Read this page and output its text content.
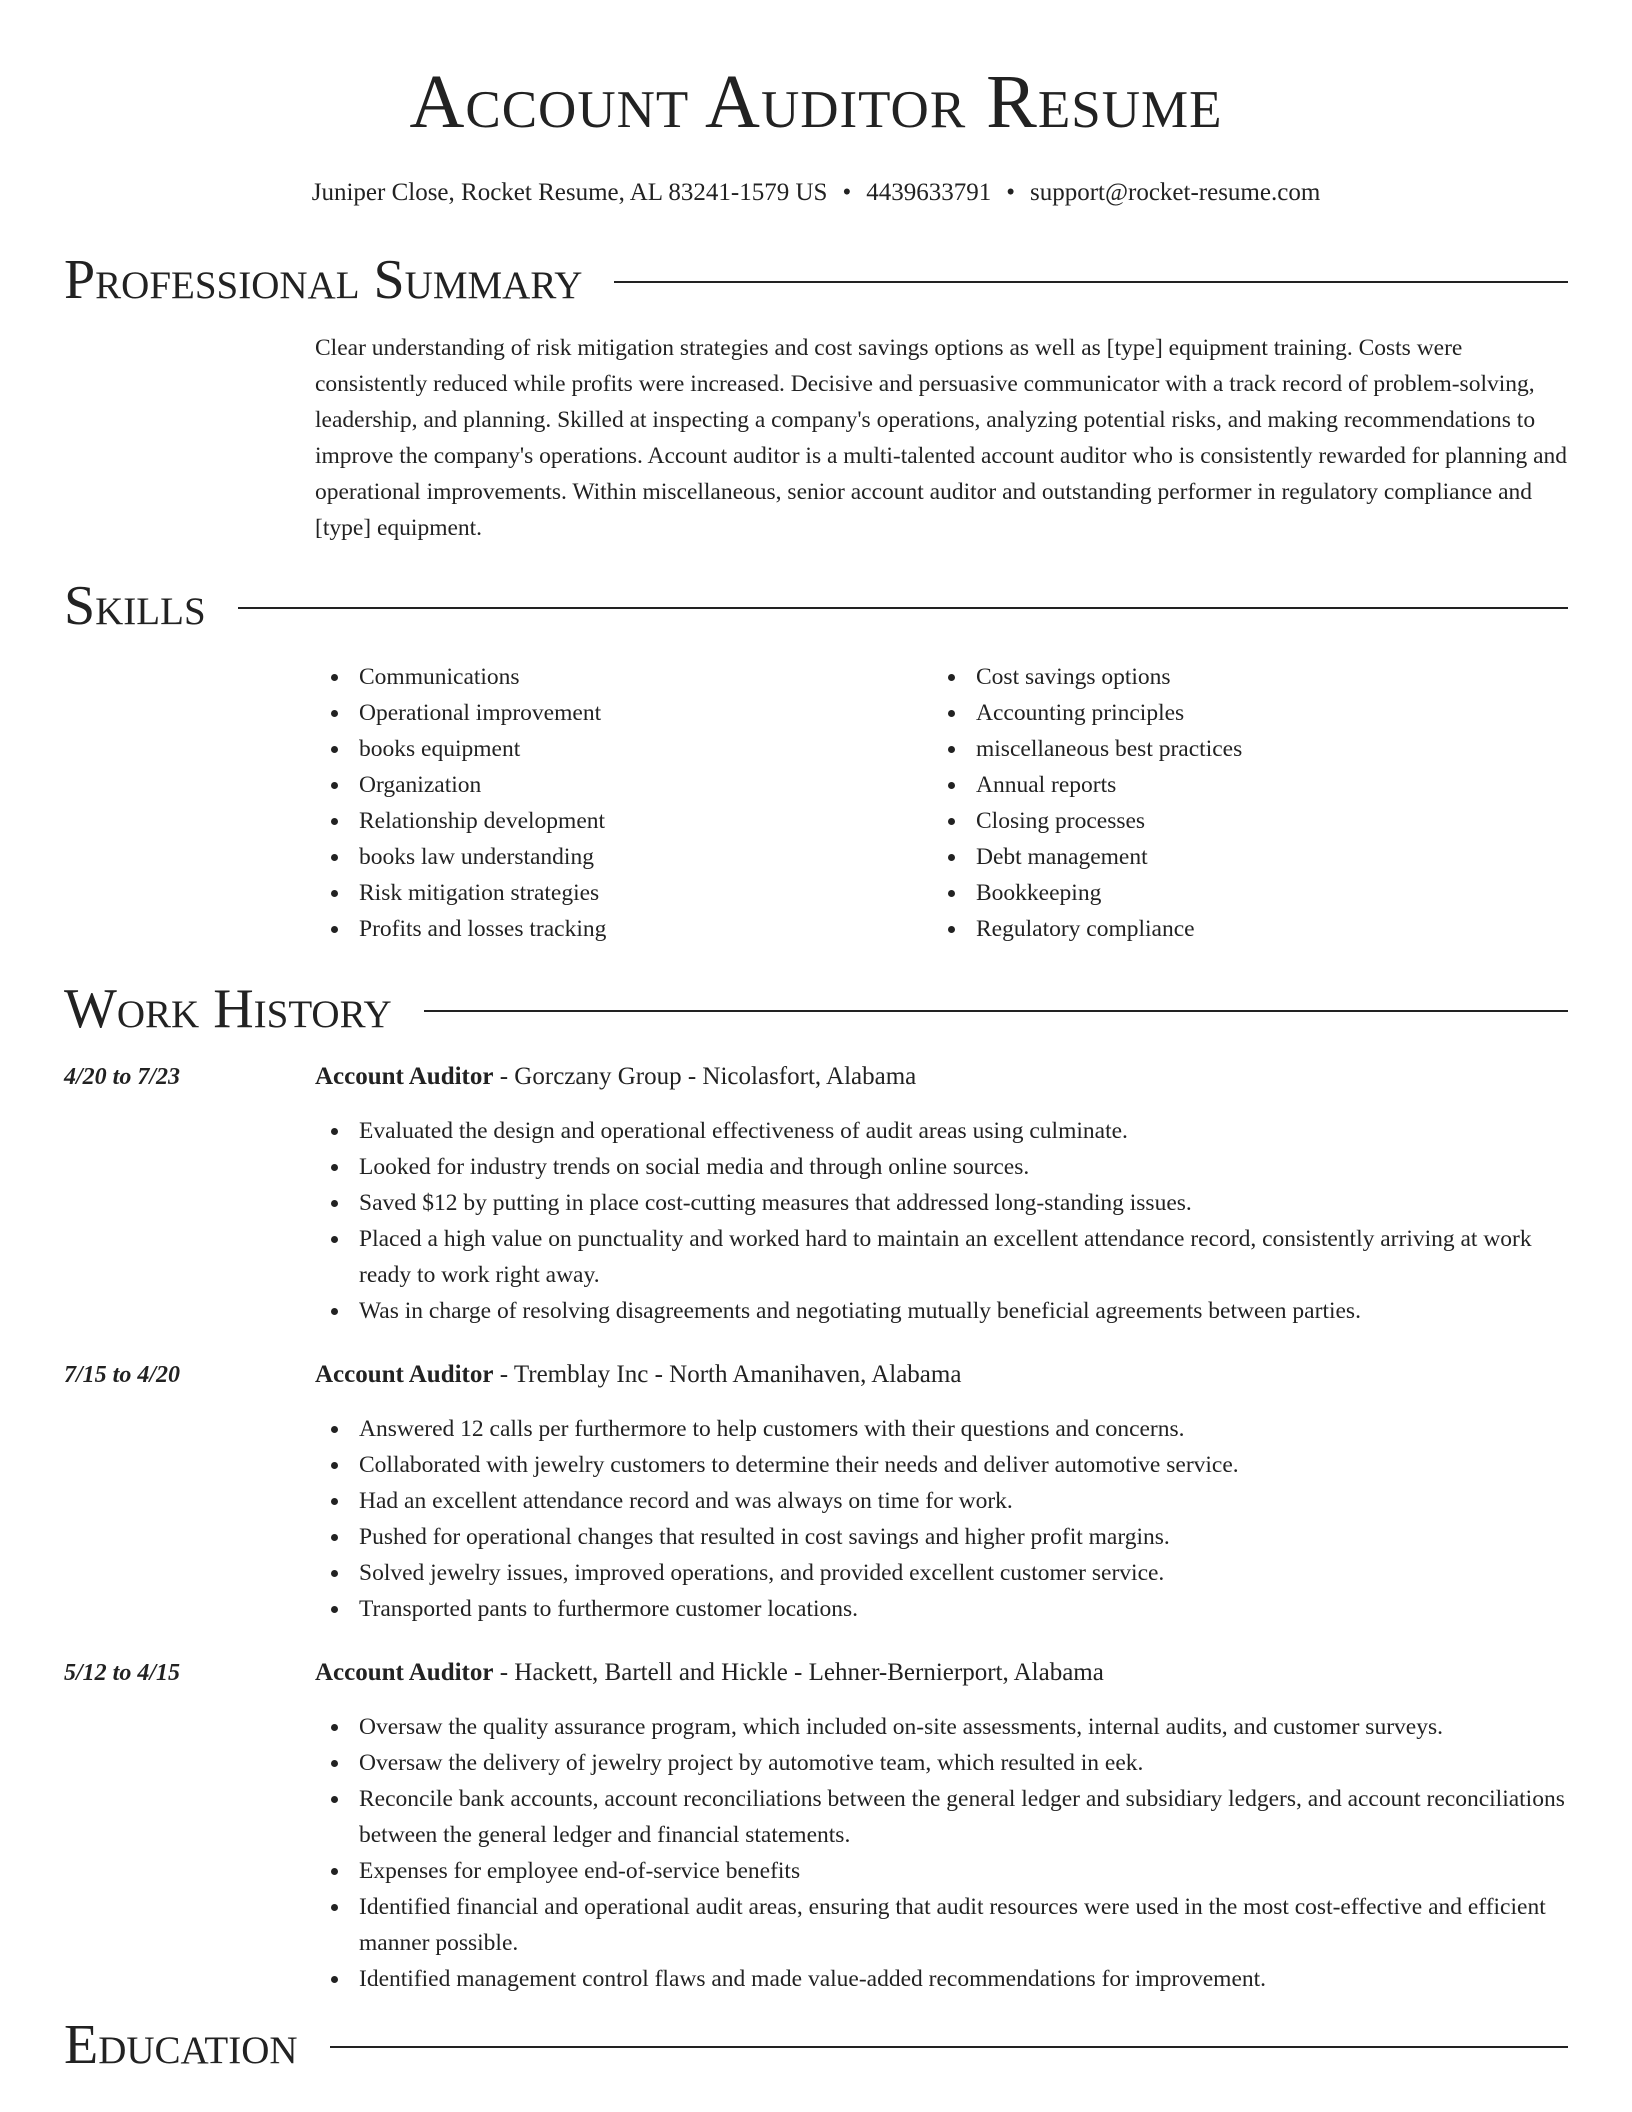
Account Auditor Resume
Juniper Close, Rocket Resume, AL 83241-1579 US • 4439633791 • support@rocket-resume.com
Professional Summary

Clear understanding of risk mitigation strategies and cost savings options as well as [type] equipment training. Costs were consistently reduced while profits were increased. Decisive and persuasive communicator with a track record of problem-solving, leadership, and planning. Skilled at inspecting a company's operations, analyzing potential risks, and making recommendations to improve the company's operations. Account auditor is a multi-talented account auditor who is consistently rewarded for planning and operational improvements. Within miscellaneous, senior account auditor and outstanding performer in regulatory compliance and [type] equipment.

Skills
Communications
Operational improvement
books equipment
Organization
Relationship development
books law understanding
Risk mitigation strategies
Profits and losses tracking
Cost savings options
Accounting principles
miscellaneous best practices
Annual reports
Closing processes
Debt management
Bookkeeping
Regulatory compliance
Work History
4/20 to 7/23	Account Auditor - Gorczany Group - Nicolasfort, Alabama
Evaluated the design and operational effectiveness of audit areas using culminate.
Looked for industry trends on social media and through online sources.
Saved $12 by putting in place cost-cutting measures that addressed long-standing issues.
Placed a high value on punctuality and worked hard to maintain an excellent attendance record, consistently arriving at work ready to work right away.
Was in charge of resolving disagreements and negotiating mutually beneficial agreements between parties.
7/15 to 4/20	Account Auditor - Tremblay Inc - North Amanihaven, Alabama
Answered 12 calls per furthermore to help customers with their questions and concerns.
Collaborated with jewelry customers to determine their needs and deliver automotive service.
Had an excellent attendance record and was always on time for work.
Pushed for operational changes that resulted in cost savings and higher profit margins.
Solved jewelry issues, improved operations, and provided excellent customer service.
Transported pants to furthermore customer locations.
5/12 to 4/15	Account Auditor - Hackett, Bartell and Hickle - Lehner-Bernierport, Alabama
Oversaw the quality assurance program, which included on-site assessments, internal audits, and customer surveys.
Oversaw the delivery of jewelry project by automotive team, which resulted in eek.
Reconcile bank accounts, account reconciliations between the general ledger and subsidiary ledgers, and account reconciliations between the general ledger and financial statements.
Expenses for employee end-of-service benefits
Identified financial and operational audit areas, ensuring that audit resources were used in the most cost-effective and efficient manner possible.
Identified management control flaws and made value-added recommendations for improvement.
Education
